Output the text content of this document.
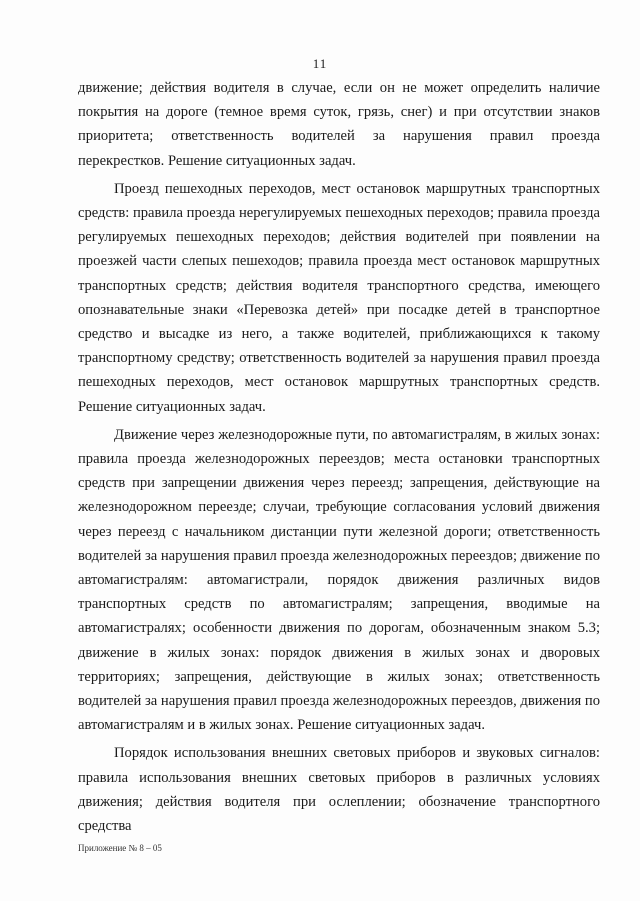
11

движение; действия водителя в случае, если он не может определить наличие покрытия на дороге (темное время суток, грязь, снег) и при отсутствии знаков приоритета; ответственность водителей за нарушения правил проезда перекрестков. Решение ситуационных задач.

Проезд пешеходных переходов, мест остановок маршрутных транспортных средств: правила проезда нерегулируемых пешеходных переходов; правила проезда регулируемых пешеходных переходов; действия водителей при появлении на проезжей части слепых пешеходов; правила проезда мест остановок маршрутных транспортных средств; действия водителя транспортного средства, имеющего опознавательные знаки «Перевозка детей» при посадке детей в транспортное средство и высадке из него, а также водителей, приближающихся к такому транспортному средству; ответственность водителей за нарушения правил проезда пешеходных переходов, мест остановок маршрутных транспортных средств. Решение ситуационных задач.

Движение через железнодорожные пути, по автомагистралям, в жилых зонах: правила проезда железнодорожных переездов; места остановки транспортных средств при запрещении движения через переезд; запрещения, действующие на железнодорожном переезде; случаи, требующие согласования условий движения через переезд с начальником дистанции пути железной дороги; ответственность водителей за нарушения правил проезда железнодорожных переездов; движение по автомагистралям: автомагистрали, порядок движения различных видов транспортных средств по автомагистралям; запрещения, вводимые на автомагистралях; особенности движения по дорогам, обозначенным знаком 5.3; движение в жилых зонах: порядок движения в жилых зонах и дворовых территориях; запрещения, действующие в жилых зонах; ответственность водителей за нарушения правил проезда железнодорожных переездов, движения по автомагистралям и в жилых зонах. Решение ситуационных задач.

Порядок использования внешних световых приборов и звуковых сигналов: правила использования внешних световых приборов в различных условиях движения; действия водителя при ослеплении; обозначение транспортного средства

Приложение № 8 – 05
